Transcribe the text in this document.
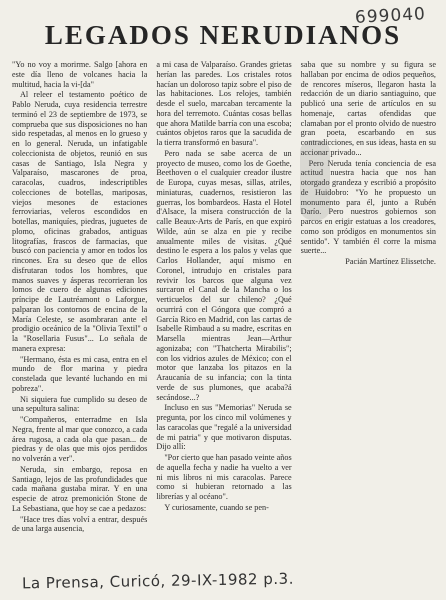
699040
LEGADOS NERUDIANOS

"Yo no voy a morirme. Salgo [ahora en este día lleno de volcanes hacia la multitud, hacia la vi-[da"

Al releer el testamento poético de Pablo Neruda, cuya residencia terrestre terminó el 23 de septiembre de 1973, se comprueba que sus disposiciones no han sido respetadas, al menos en lo grueso y en lo general. Neruda, un infatigable coleccionista de objetos, reunió en sus casas de Santiago, Isla Negra y Valparaíso, mascarones de proa, caracolas, cuadros, indescriptibles colecciones de botellas, mariposas, viejos mesones de estaciones ferroviarias, veleros escondidos en botellas, maniquíes, piedras, juguetes de plomo, oficinas grabados, antiguas litografías, frascos de farmacias, que buscó con paciencia y amor en todos los rincones. Era su deseo que de ellos disfrutaran todos los hombres, que manos suaves y ásperas recorrieran los lomos de cuero de algunas ediciones príncipe de Lautréamont o Laforgue, palparan los contornos de encina de la María Celeste, se asombraran ante el prodigio oceánico de la "Olivia Textil" o la "Rosellaria Fusus"... Lo señala de manera expresa:

"Hermano, ésta es mi casa, entra en el mundo de flor marina y piedra constelada que levanté luchando en mi pobreza".

Ni siquiera fue cumplido su deseo de una sepultura salina:

"Compañeros, enterradme en Isla Negra, frente al mar que conozco, a cada área rugosa, a cada ola que pasan... de piedras y de olas que mis ojos perdidos no volverán a ver".

Neruda, sin embargo, reposa en Santiago, lejos de las profundidades que cada mañana gustaba mirar. Y en una especie de atroz premonición Stone de La Sebastiana, que hoy se cae a pedazos:

"Hace tres días volví a entrar, después de una larga ausencia,

a mi casa de Valparaíso. Grandes grietas herían las paredes. Los cristales rotos hacían un doloroso tapiz sobre el piso de las habitaciones. Los relojes, también desde el suelo, marcaban tercamente la hora del terremoto. Cuántas cosas bellas que ahora Matilde barría con una escoba; cuántos objetos raros que la sacudida de la tierra transformó en basura".

Pero nada se sabe acerca de un proyecto de museo, como los de Goethe, Beethoven o el cualquier creador ilustre de Europa, cuyas mesas, sillas, atriles, miniaturas, cuadernos, resistieron las guerras, los bombardeos. Hasta el Hotel d'Alsace, la misera construcción de la calle Beaux-Arts de París, en que expiró Wilde, aún se alza en pie y recibe anualmente miles de visitas. ¿Qué destino le espera a los palos y velas que Carlos Hollander, aquí mismo en Coronel, intrudujo en cristales para revivir los barcos que alguna vez surcaron el Canal de la Mancha o los verticuelos del sur chileno? ¿Qué ocurrirá con el Góngora que compró a García Rico en Madrid, con las cartas de Isabelle Rimbaud a su madre, escritas en Marsella mientras Jean—Arthur agonizaba; con "Thatcherta Mirabilis"; con los vidrios azules de México; con el motor que lanzaba los pitazos en la Araucanía de su infancia; con la tinta verde de sus plumones, que acaba?á secándose...?

Incluso en sus "Memorias" Neruda se pregunta, por los cinco mil volúmenes y las caracolas que "regalé a la universidad de mi patria" y que motivaron disputas. Dijo allí:

"Por cierto que han pasado veinte años de aquella fecha y nadie ha vuelto a ver ni mis libros ni mis caracolas. Parece como si hubieran retornado a las librerías y al océano".

Y curiosamente, cuando se pen-

saba que su nombre y su figura se hallaban por encima de odios pequeños, de rencores míseros, llegaron hasta la redacción de un diario santiaguino, que publicó una serie de artículos en su homenaje, cartas ofendidas que clamaban por el pronto olvido de nuestro gran poeta, escarbando en sus contradicciones, en sus ideas, hasta en su accionar privado...

Pero Neruda tenía conciencia de esa actitud nuestra hacia que nos han otorgado grandeza y escribió a propósito de Huidobro: "Yo he propuesto un monumento para él, junto a Rubén Darío. Pero nuestros gobiernos son parcos en erigir estatuas a los creadores, como son pródigos en monumentos sin sentido". Y también él corre la misma suerte...

Pacián Martínez Elissetche.

La Prensa, Curicó, 29-IX-1982 p.3.
